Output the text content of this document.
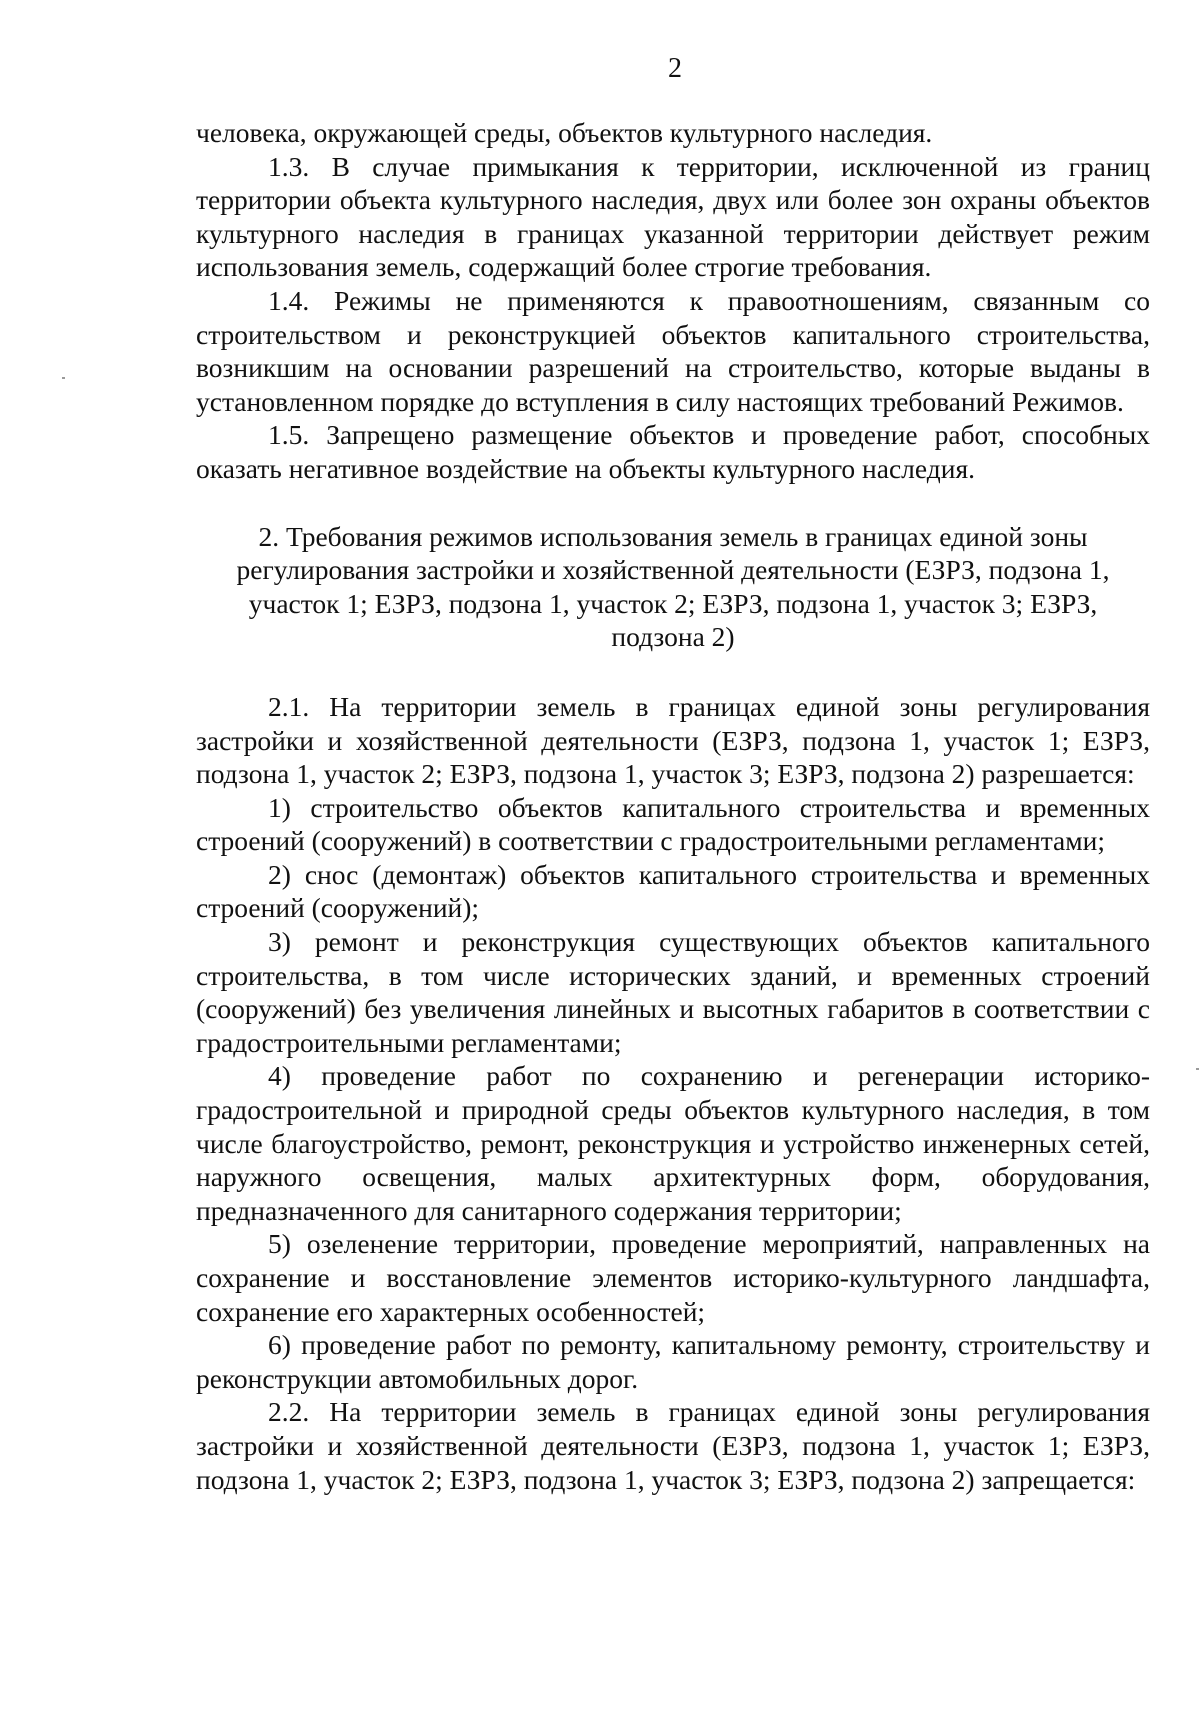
2

человека, окружающей среды, объектов культурного наследия.

1.3. В случае примыкания к территории, исключенной из границ территории объекта культурного наследия, двух или более зон охраны объектов культурного наследия в границах указанной территории действует режим использования земель, содержащий более строгие требования.

1.4. Режимы не применяются к правоотношениям, связанным со строительством и реконструкцией объектов капитального строительства, возникшим на основании разрешений на строительство, которые выданы в установленном порядке до вступления в силу настоящих требований Режимов.

1.5. Запрещено размещение объектов и проведение работ, способных оказать негативное воздействие на объекты культурного наследия.

2. Требования режимов использования земель в границах единой зоны регулирования застройки и хозяйственной деятельности (ЕЗРЗ, подзона 1, участок 1; ЕЗРЗ, подзона 1, участок 2; ЕЗРЗ, подзона 1, участок 3; ЕЗРЗ, подзона 2)

2.1. На территории земель в границах единой зоны регулирования застройки и хозяйственной деятельности (ЕЗРЗ, подзона 1, участок 1; ЕЗРЗ, подзона 1, участок 2; ЕЗРЗ, подзона 1, участок 3; ЕЗРЗ, подзона 2) разрешается:

1) строительство объектов капитального строительства и временных строений (сооружений) в соответствии с градостроительными регламентами;

2) снос (демонтаж) объектов капитального строительства и временных строений (сооружений);

3) ремонт и реконструкция существующих объектов капитального строительства, в том числе исторических зданий, и временных строений (сооружений) без увеличения линейных и высотных габаритов в соответствии с градостроительными регламентами;

4) проведение работ по сохранению и регенерации историко-градостроительной и природной среды объектов культурного наследия, в том числе благоустройство, ремонт, реконструкция и устройство инженерных сетей, наружного освещения, малых архитектурных форм, оборудования, предназначенного для санитарного содержания территории;

5) озеленение территории, проведение мероприятий, направленных на сохранение и восстановление элементов историко-культурного ландшафта, сохранение его характерных особенностей;

6) проведение работ по ремонту, капитальному ремонту, строительству и реконструкции автомобильных дорог.

2.2. На территории земель в границах единой зоны регулирования застройки и хозяйственной деятельности (ЕЗРЗ, подзона 1, участок 1; ЕЗРЗ, подзона 1, участок 2; ЕЗРЗ, подзона 1, участок 3; ЕЗРЗ, подзона 2) запрещается:
